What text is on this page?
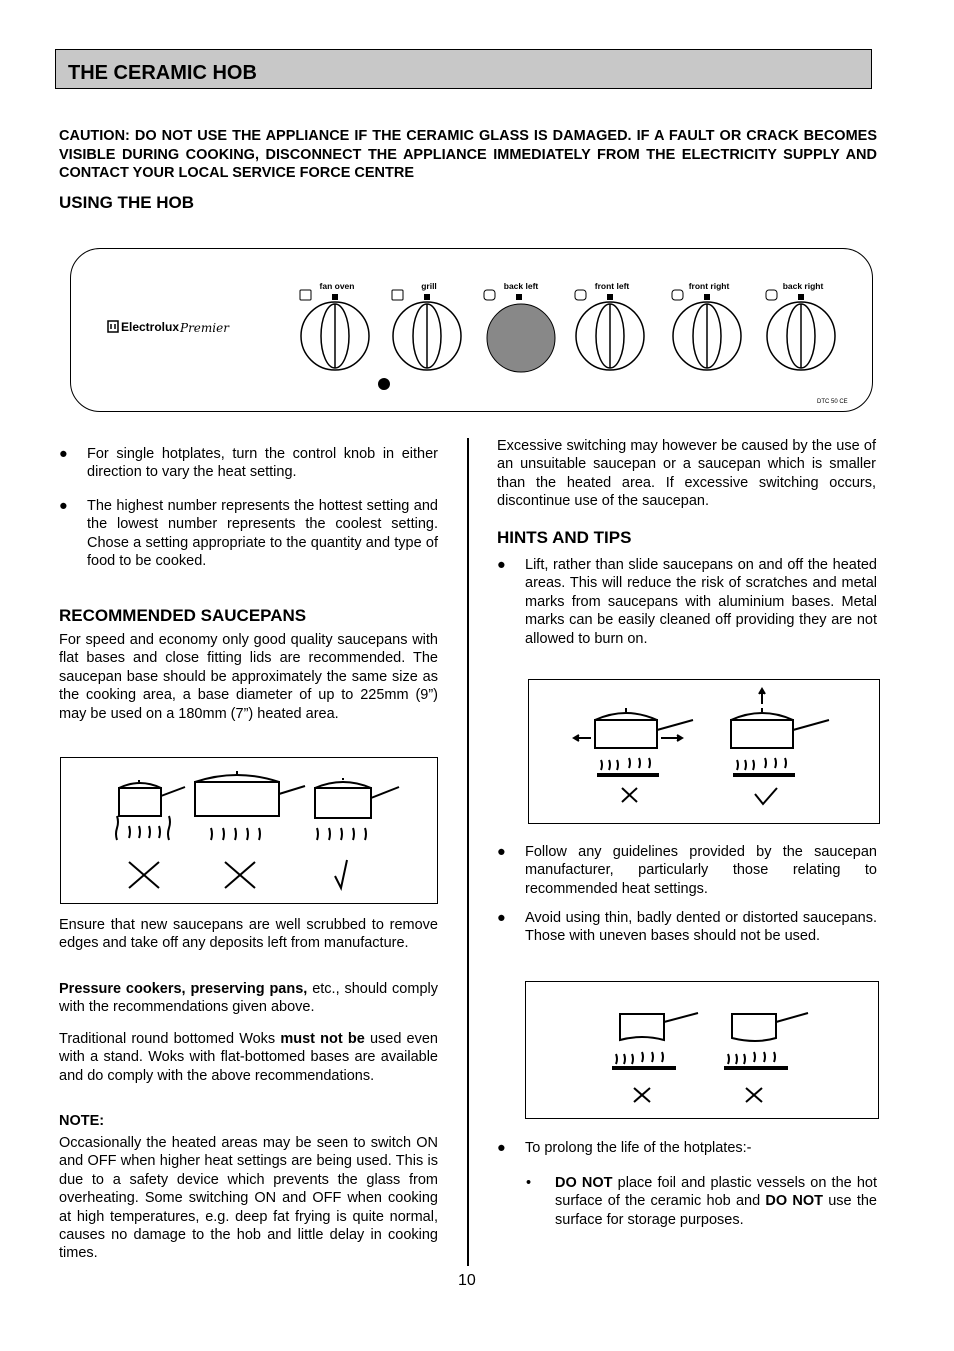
THE CERAMIC HOB
CAUTION: DO NOT USE THE APPLIANCE IF THE CERAMIC GLASS IS DAMAGED. IF A FAULT OR CRACK BECOMES VISIBLE DURING COOKING, DISCONNECT THE APPLIANCE IMMEDIATELY FROM THE ELECTRICITY SUPPLY AND CONTACT YOUR LOCAL SERVICE FORCE CENTRE
USING THE HOB
Electrolux Premier
fan oven	grill	back left	front left	front right	back right
DTC 50 CE
● For single hotplates, turn the control knob in either direction to vary the heat setting.
● The highest number represents the hottest setting and the lowest number represents the coolest setting. Chose a setting appropriate to the quantity and type of food to be cooked.
RECOMMENDED SAUCEPANS
For speed and economy only good quality saucepans with flat bases and close fitting lids are recommended. The saucepan base should be approximately the same size as the cooking area, a base diameter of up to 225mm (9”) may be used on a 180mm (7”) heated area.
Ensure that new saucepans are well scrubbed to remove edges and take off any deposits left from manufacture.
Pressure cookers, preserving pans, etc., should comply with the recommendations given above.
Traditional round bottomed Woks must not be used even with a stand. Woks with flat-bottomed bases are available and do comply with the above recommendations.
NOTE:
Occasionally the heated areas may be seen to switch ON and OFF when higher heat settings are being used. This is due to a safety device which prevents the glass from overheating. Some switching ON and OFF when cooking at high temperatures, e.g. deep fat frying is quite normal, causes no damage to the hob and little delay in cooking times.
Excessive switching may however be caused by the use of an unsuitable saucepan or a saucepan which is smaller than the heated area. If excessive switching occurs, discontinue use of the saucepan.
HINTS AND TIPS
● Lift, rather than slide saucepans on and off the heated areas. This will reduce the risk of scratches and metal marks from saucepans with aluminium bases. Metal marks can be easily cleaned off providing they are not allowed to burn on.
● Follow any guidelines provided by the saucepan manufacturer, particularly those relating to recommended heat settings.
● Avoid using thin, badly dented or distorted saucepans. Those with uneven bases should not be used.
● To prolong the life of the hotplates:-
• DO NOT place foil and plastic vessels on the hot surface of the ceramic hob and DO NOT use the surface for storage purposes.
10
